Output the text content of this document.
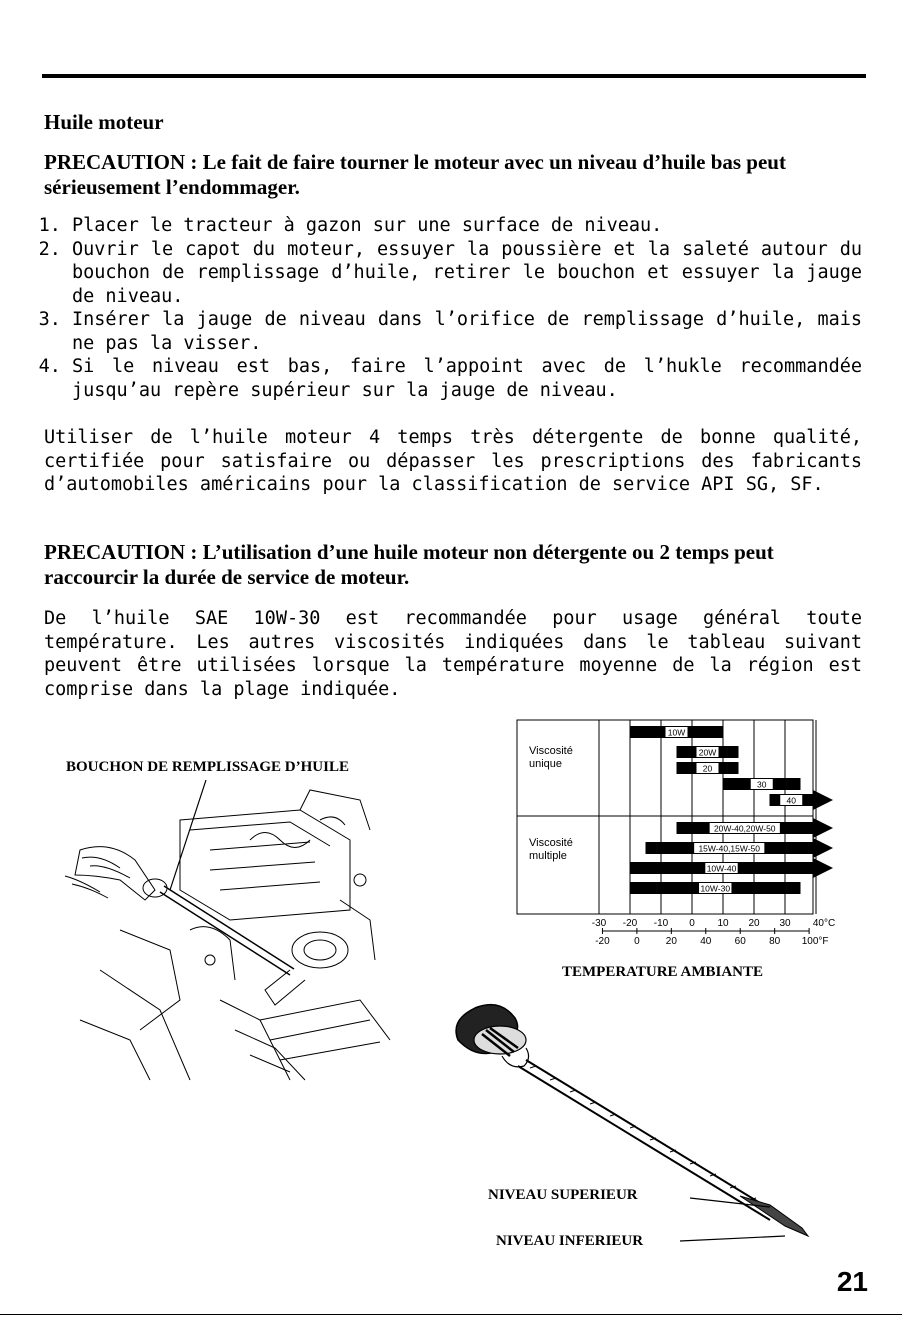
Huile moteur
PRECAUTION : Le fait de faire tourner le moteur avec un niveau d’huile bas peut sérieusement l’endommager.
1. Placer le tracteur à gazon sur une surface de niveau.
2. Ouvrir le capot du moteur, essuyer la poussière et la saleté autour du bouchon de remplissage d’huile, retirer le bouchon et essuyer la jauge de niveau.
3. Insérer la jauge de niveau dans l’orifice de remplissage d’huile, mais ne pas la visser.
4. Si le niveau est bas, faire l’appoint avec de l’hukle recommandée jusqu’au repère supérieur sur la jauge de niveau.
Utiliser de l’huile moteur 4 temps très détergente de bonne qualité, certifiée pour satisfaire ou dépasser les prescriptions des fabricants d’automobiles américains pour la classification de service API SG, SF.
PRECAUTION : L’utilisation d’une huile moteur non détergente ou 2 temps peut raccourcir la durée de service de moteur.
De l’huile SAE 10W-30 est recommandée pour usage général toute température. Les autres viscosités indiquées dans le tableau suivant peuvent être utilisées lorsque la température moyenne de la région est comprise dans la plage indiquée.
BOUCHON DE REMPLISSAGE D’HUILE
Viscosité
unique
Viscosité
multiple
10W
20W
20
30
40
20W-40,20W-50
15W-40,15W-50
10W-40
10W-30
-30 -20 -10 0 10 20 30 40°C
-20 0	20 40 60 80 100°F
TEMPERATURE AMBIANTE
NIVEAU SUPERIEUR
NIVEAU INFERIEUR
21
